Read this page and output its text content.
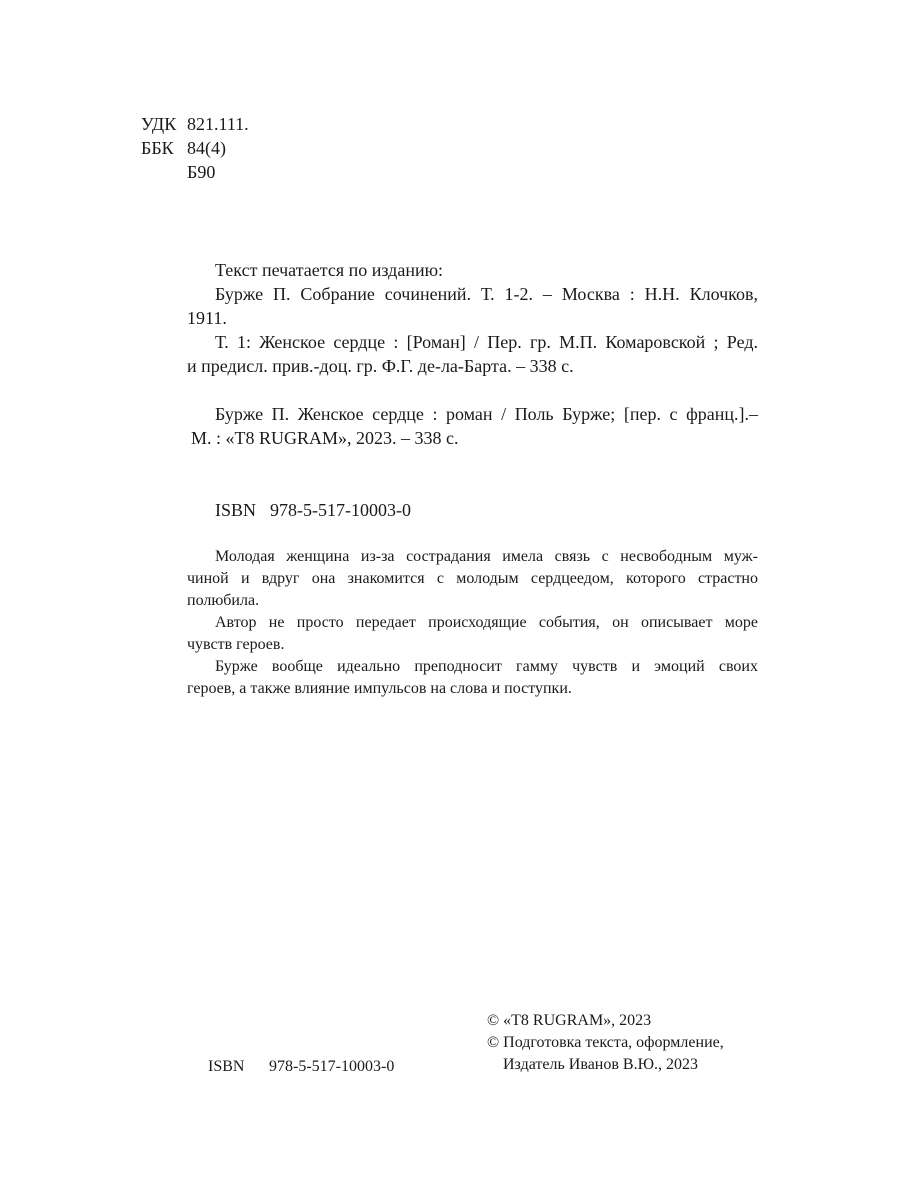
УДК 821.111.
ББК 84(4)
Б90
Текст печатается по изданию:
Бурже П. Собрание сочинений. Т. 1-2. – Москва : Н.Н. Клочков,
1911.
Т. 1: Женское сердце : [Роман] / Пер. гр. М.П. Комаровской ; Ред.
и предисл. прив.-доц. гр. Ф.Г. де-ла-Барта. – 338 с.
Бурже П. Женское сердце : роман / Поль Бурже; [пер. с франц.].–
М. : «T8 RUGRAM», 2023. – 338 с.
ISBN 978-5-517-10003-0
Молодая женщина из-за сострадания имела связь с несвободным муж-
чиной и вдруг она знакомится с молодым сердцеедом, которого страстно
полюбила.
Автор не просто передает происходящие события, он описывает море
чувств героев.
Бурже вообще идеально преподносит гамму чувств и эмоций своих
героев, а также влияние импульсов на слова и поступки.
© «T8 RUGRAM», 2023
© Подготовка текста, оформление,
Издатель Иванов В.Ю., 2023
ISBN 978-5-517-10003-0
